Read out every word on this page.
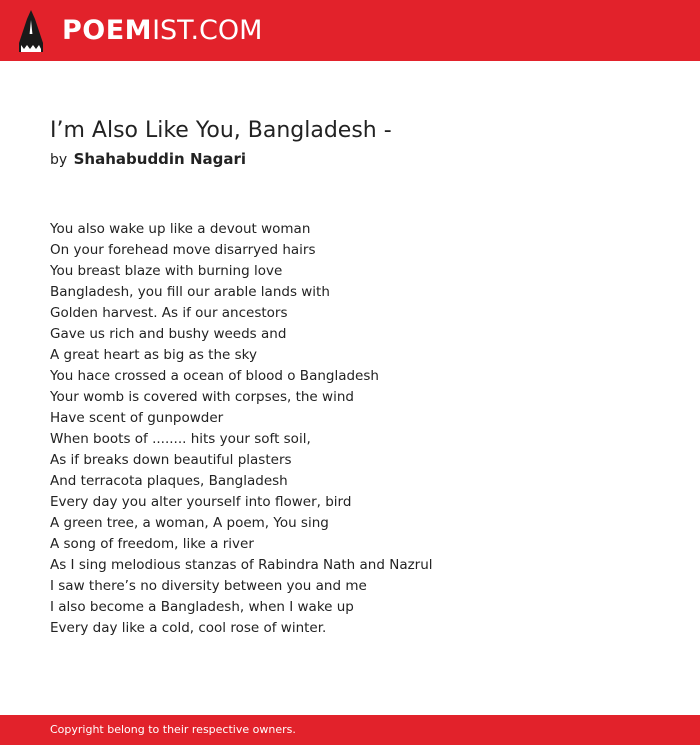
POEMIST.COM
I’m Also Like You, Bangladesh -
by Shahabuddin Nagari
You also wake up like a devout woman
On your forehead move disarryed hairs
You breast blaze with burning love
Bangladesh, you fill our arable lands with
Golden harvest. As if our ancestors
Gave us rich and bushy weeds and
A great heart as big as the sky
You hace crossed a ocean of blood o Bangladesh
Your womb is covered with corpses, the wind
Have scent of gunpowder
When boots of ........ hits your soft soil,
As if breaks down beautiful plasters
And terracota plaques, Bangladesh
Every day you alter yourself into flower, bird
A green tree, a woman, A poem, You sing
A song of freedom, like a river
As I sing melodious stanzas of Rabindra Nath and Nazrul
I saw there’s no diversity between you and me
I also become a Bangladesh, when I wake up
Every day like a cold, cool rose of winter.
Copyright belong to their respective owners.
